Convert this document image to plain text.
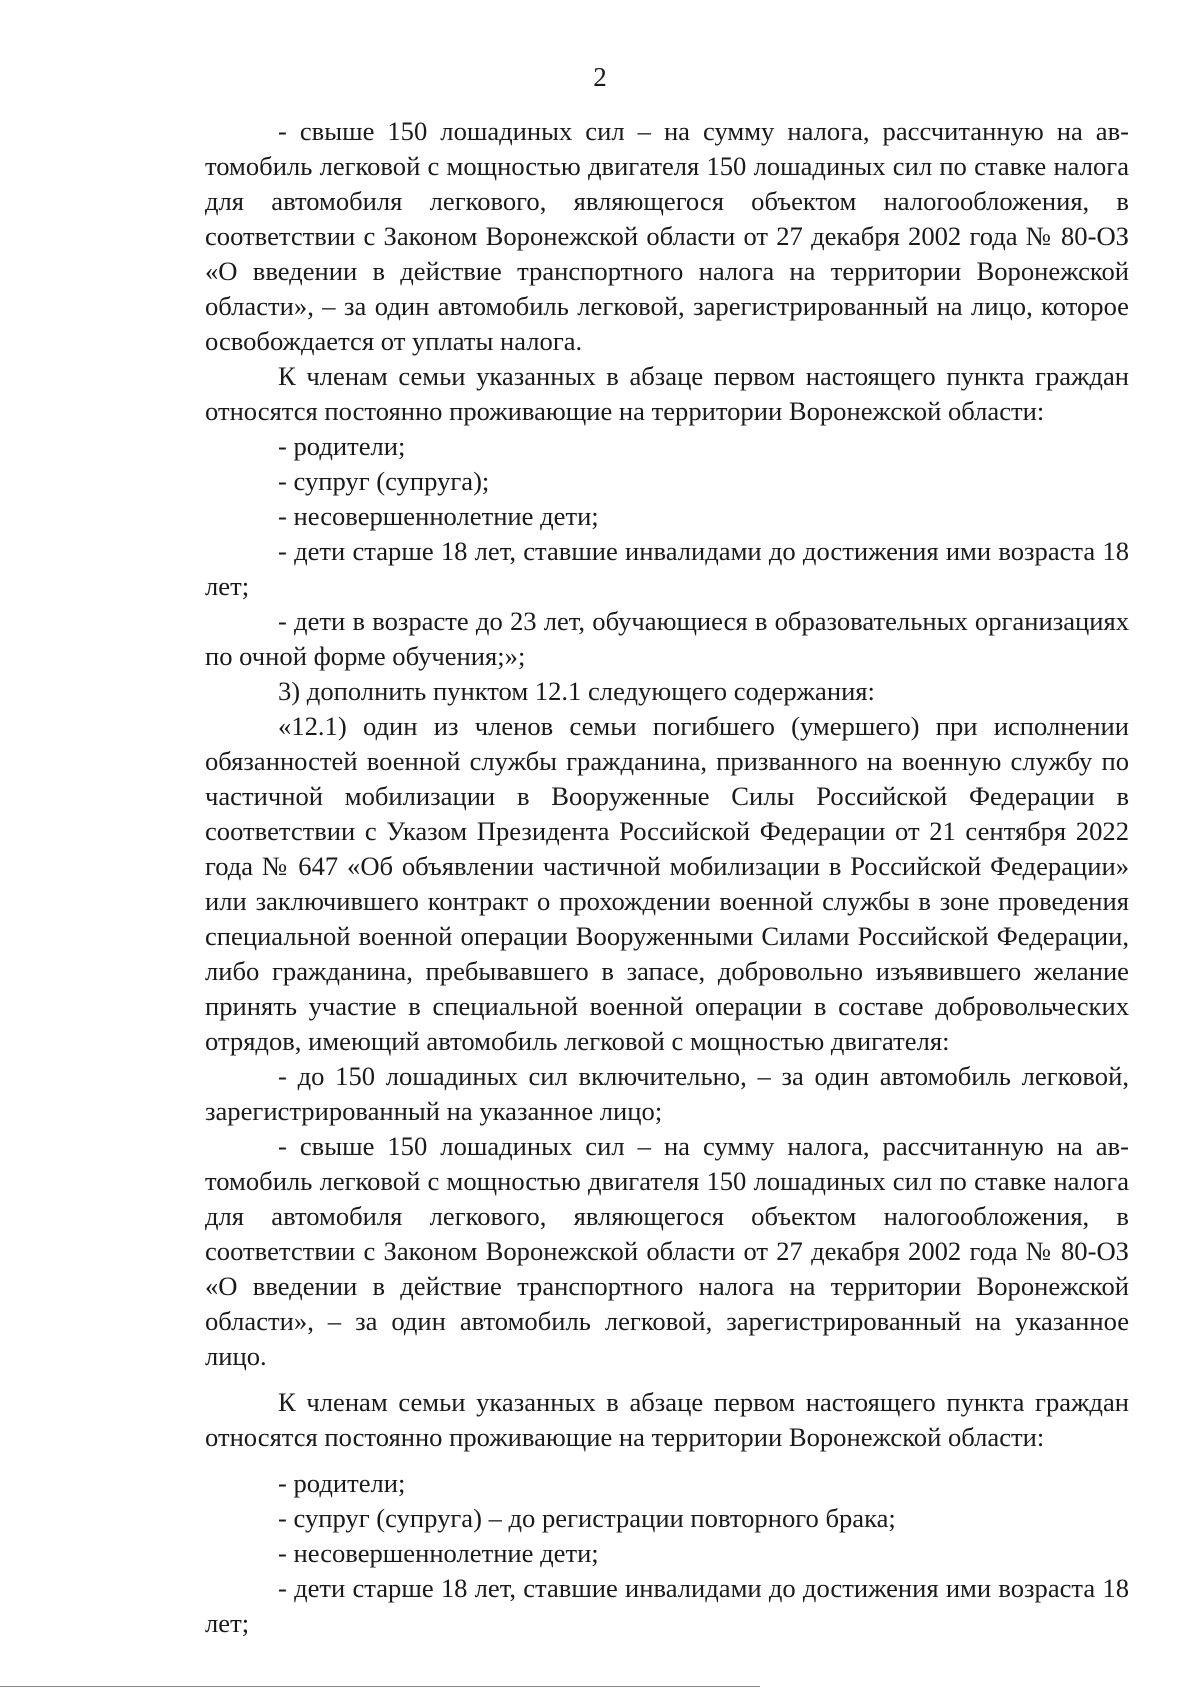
2

- свыше 150 лошадиных сил – на сумму налога, рассчитанную на автомобиль легковой с мощностью двигателя 150 лошадиных сил по ставке налога для автомобиля легкового, являющегося объектом налогообложения, в соответствии с Законом Воронежской области от 27 декабря 2002 года № 80-ОЗ «О введении в действие транспортного налога на территории Воронежской области», – за один автомобиль легковой, зарегистрированный на лицо, которое освобождается от уплаты налога.

К членам семьи указанных в абзаце первом настоящего пункта граждан относятся постоянно проживающие на территории Воронежской области:

- родители;

- супруг (супруга);

- несовершеннолетние дети;

- дети старше 18 лет, ставшие инвалидами до достижения ими возраста 18 лет;

- дети в возрасте до 23 лет, обучающиеся в образовательных организациях по очной форме обучения;»;

3) дополнить пунктом 12.1 следующего содержания:

«12.1) один из членов семьи погибшего (умершего) при исполнении обязанностей военной службы гражданина, призванного на военную службу по частичной мобилизации в Вооруженные Силы Российской Федерации в соответствии с Указом Президента Российской Федерации от 21 сентября 2022 года № 647 «Об объявлении частичной мобилизации в Российской Федерации» или заключившего контракт о прохождении военной службы в зоне проведения специальной военной операции Вооруженными Силами Российской Федерации, либо гражданина, пребывавшего в запасе, добровольно изъявившего желание принять участие в специальной военной операции в составе добровольческих отрядов, имеющий автомобиль легковой с мощностью двигателя:

- до 150 лошадиных сил включительно, – за один автомобиль легковой, зарегистрированный на указанное лицо;

- свыше 150 лошадиных сил – на сумму налога, рассчитанную на автомобиль легковой с мощностью двигателя 150 лошадиных сил по ставке налога для автомобиля легкового, являющегося объектом налогообложения, в соответствии с Законом Воронежской области от 27 декабря 2002 года № 80-ОЗ «О введении в действие транспортного налога на территории Воронежской области», – за один автомобиль легковой, зарегистрированный на указанное лицо.

К членам семьи указанных в абзаце первом настоящего пункта граждан относятся постоянно проживающие на территории Воронежской области:

- родители;

- супруг (супруга) – до регистрации повторного брака;

- несовершеннолетние дети;

- дети старше 18 лет, ставшие инвалидами до достижения ими возраста 18 лет;
